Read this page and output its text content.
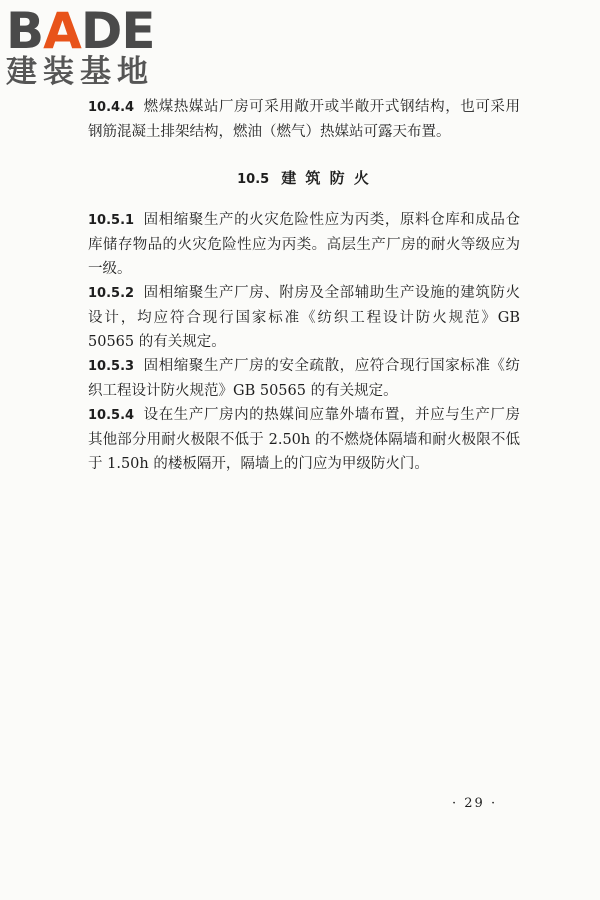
BADE
建装基地

10.4.4 燃煤热媒站厂房可采用敞开或半敞开式钢结构，也可采用钢筋混凝土排架结构，燃油（燃气）热媒站可露天布置。

10.5 建 筑 防 火

10.5.1 固相缩聚生产的火灾危险性应为丙类，原料仓库和成品仓库储存物品的火灾危险性应为丙类。高层生产厂房的耐火等级应为一级。

10.5.2 固相缩聚生产厂房、附房及全部辅助生产设施的建筑防火设计，均应符合现行国家标准《纺织工程设计防火规范》GB 50565 的有关规定。

10.5.3 固相缩聚生产厂房的安全疏散，应符合现行国家标准《纺织工程设计防火规范》GB 50565 的有关规定。

10.5.4 设在生产厂房内的热媒间应靠外墙布置，并应与生产厂房其他部分用耐火极限不低于 2.50h 的不燃烧体隔墙和耐火极限不低于 1.50h 的楼板隔开，隔墙上的门应为甲级防火门。

· 29 ·
